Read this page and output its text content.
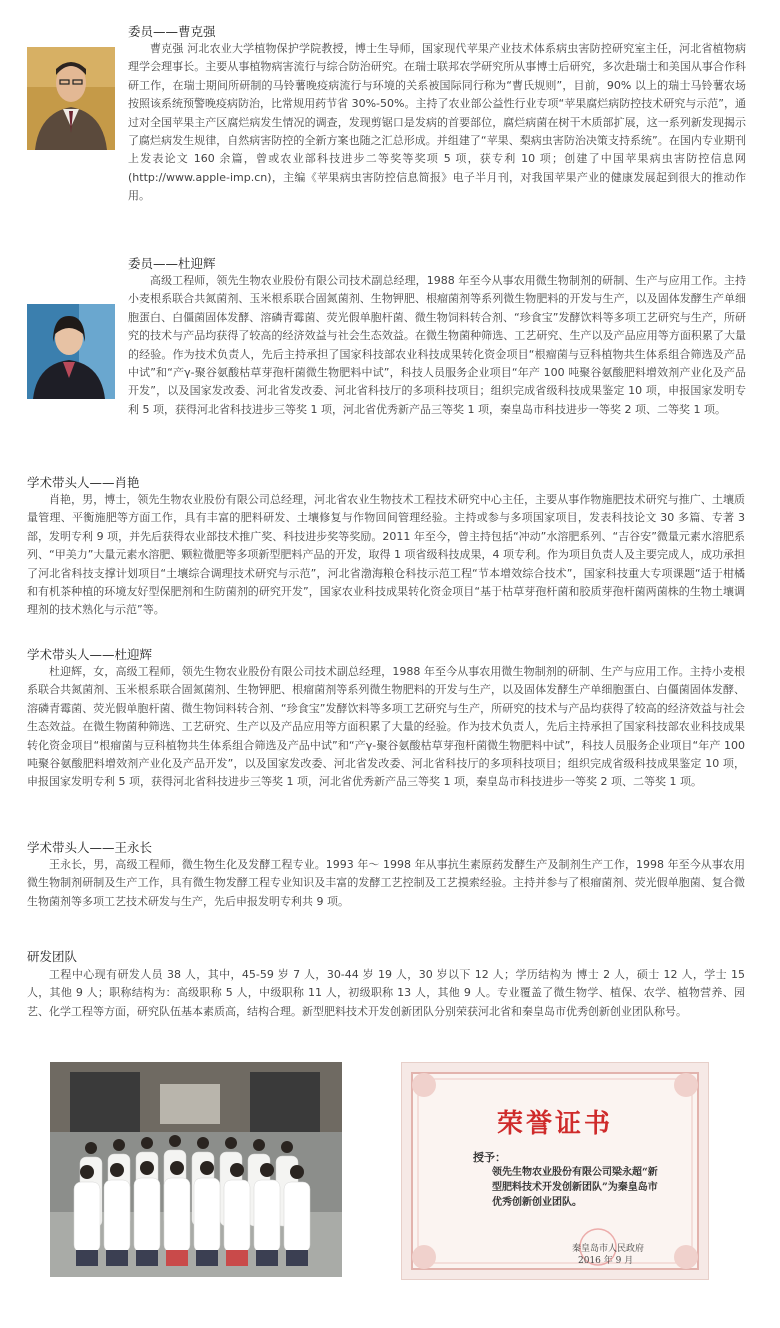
委员——曹克强

曹克强 河北农业大学植物保护学院教授，博士生导师，国家现代苹果产业技术体系病虫害防控研究室主任，河北省植物病理学会理事长。主要从事植物病害流行与综合防治研究。在瑞士联邦农学研究所从事博士后研究，多次赴瑞士和美国从事合作科研工作，在瑞士期间所研制的马铃薯晚疫病流行与环境的关系被国际同行称为“曹氏规则”，目前，90% 以上的瑞士马铃薯农场按照该系统预警晚疫病防治，比常规用药节省 30%-50%。主持了农业部公益性行业专项“苹果腐烂病防控技术研究与示范”，通过对全国苹果主产区腐烂病发生情况的调查，发现剪锯口是发病的首要部位，腐烂病菌在树干木质部扩展，这一系列新发现揭示了腐烂病发生规律，自然病害防控的全新方案也随之汇总形成。并组建了“苹果、梨病虫害防治决策支持系统”。在国内专业期刊上发表论文 160 余篇，曾或农业部科技进步二等奖等奖项 5 项，获专利 10 项；创建了中国苹果病虫害防控信息网(http://www.apple-imp.cn)，主编《苹果病虫害防控信息简报》电子半月刊，对我国苹果产业的健康发展起到很大的推动作用。

委员——杜迎辉

高级工程师，领先生物农业股份有限公司技术副总经理，1988 年至今从事农用微生物制剂的研制、生产与应用工作。主持小麦根系联合共氮菌剂、玉米根系联合固氮菌剂、生物钾肥、根瘤菌剂等系列微生物肥料的开发与生产，以及固体发酵生产单细胞蛋白、白僵菌固体发酵、溶磷青霉菌、荧光假单胞杆菌、微生物饲料转合剂、“珍食宝”发酵饮料等多项工艺研究与生产，所研究的技术与产品均获得了较高的经济效益与社会生态效益。在微生物菌种筛选、工艺研究、生产以及产品应用等方面积累了大量的经验。作为技术负责人，先后主持承担了国家科技部农业科技成果转化资金项目“根瘤菌与豆科植物共生体系组合筛选及产品中试”和“产γ-聚谷氨酸枯草芽孢杆菌微生物肥料中试”，科技人员服务企业项目“年产 100 吨聚谷氨酸肥料增效剂产业化及产品开发”，以及国家发改委、河北省发改委、河北省科技厅的多项科技项目；组织完成省级科技成果鉴定 10 项，申报国家发明专利 5 项，获得河北省科技进步三等奖 1 项，河北省优秀新产品三等奖 1 项，秦皇岛市科技进步一等奖 2 项、二等奖 1 项。

学术带头人——肖艳

肖艳，男，博士，领先生物农业股份有限公司总经理，河北省农业生物技术工程技术研究中心主任，主要从事作物施肥技术研究与推广、土壤质量管理、平衡施肥等方面工作，具有丰富的肥料研发、土壤修复与作物回间管理经验。主持或参与多项国家项目，发表科技论文 30 多篇、专著 3 部，发明专利 9 项，并先后获得农业部技术推广奖、科技进步奖等奖励。2011 年至今，曾主持包括“冲动”水溶肥系列、“吉谷安”微量元素水溶肥系列、“甲美力”大量元素水溶肥、颗粒微肥等多项新型肥料产品的开发，取得 1 项省级科技成果，4 项专利。作为项目负责人及主要完成人，成功承担了河北省科技支撑计划项目“土壤综合调理技术研究与示范”，河北省渤海粮仓科技示范工程“节本增效综合技术”，国家科技重大专项课题“适于柑橘和有机茶种植的环境友好型保肥剂和生防菌剂的研究开发”，国家农业科技成果转化资金项目“基于枯草芽孢杆菌和胶质芽孢杆菌两菌株的生物土壤调理剂的技术熟化与示范”等。

学术带头人——杜迎辉

杜迎辉，女，高级工程师，领先生物农业股份有限公司技术副总经理，1988 年至今从事农用微生物制剂的研制、生产与应用工作。主持小麦根系联合共氮菌剂、玉米根系联合固氮菌剂、生物钾肥、根瘤菌剂等系列微生物肥料的开发与生产，以及固体发酵生产单细胞蛋白、白僵菌固体发酵、溶磷青霉菌、荧光假单胞杆菌、微生物饲料转合剂、“珍食宝”发酵饮料等多项工艺研究与生产，所研究的技术与产品均获得了较高的经济效益与社会生态效益。在微生物菌种筛选、工艺研究、生产以及产品应用等方面积累了大量的经验。作为技术负责人，先后主持承担了国家科技部农业科技成果转化资金项目“根瘤菌与豆科植物共生体系组合筛选及产品中试”和“产γ-聚谷氨酸枯草芽孢杆菌微生物肥料中试”，科技人员服务企业项目“年产 100 吨聚谷氨酸肥料增效剂产业化及产品开发”，以及国家发改委、河北省发改委、河北省科技厅的多项科技项目；组织完成省级科技成果鉴定 10 项，申报国家发明专利 5 项，获得河北省科技进步三等奖 1 项，河北省优秀新产品三等奖 1 项，秦皇岛市科技进步一等奖 2 项、二等奖 1 项。

学术带头人——王永长

王永长，男，高级工程师，微生物生化及发酵工程专业。1993 年～ 1998 年从事抗生素原药发酵生产及制剂生产工作，1998 年至今从事农用微生物制剂研制及生产工作，具有微生物发酵工程专业知识及丰富的发酵工艺控制及工艺摸索经验。主持并参与了根瘤菌剂、荧光假单胞菌、复合微生物菌剂等多项工艺技术研发与生产，先后申报发明专利共 9 项。

研发团队

工程中心现有研发人员 38 人，其中，45-59 岁 7 人，30-44 岁 19 人，30 岁以下 12 人；学历结构为 博士 2 人，硕士 12 人，学士 15 人，其他 9 人；职称结构为：高级职称 5 人，中级职称 11 人，初级职称 13 人，其他 9 人。专业覆盖了微生物学、植保、农学、植物营养、园艺、化学工程等方面，研究队伍基本素质高，结构合理。新型肥料技术开发创新团队分别荣获河北省和秦皇岛市优秀创新创业团队称号。

荣誉证书
授予：
领先生物农业股份有限公司梁永超“新型肥料技术开发创新团队”为秦皇岛市优秀创新创业团队。
秦皇岛市人民政府
2016 年 9 月
